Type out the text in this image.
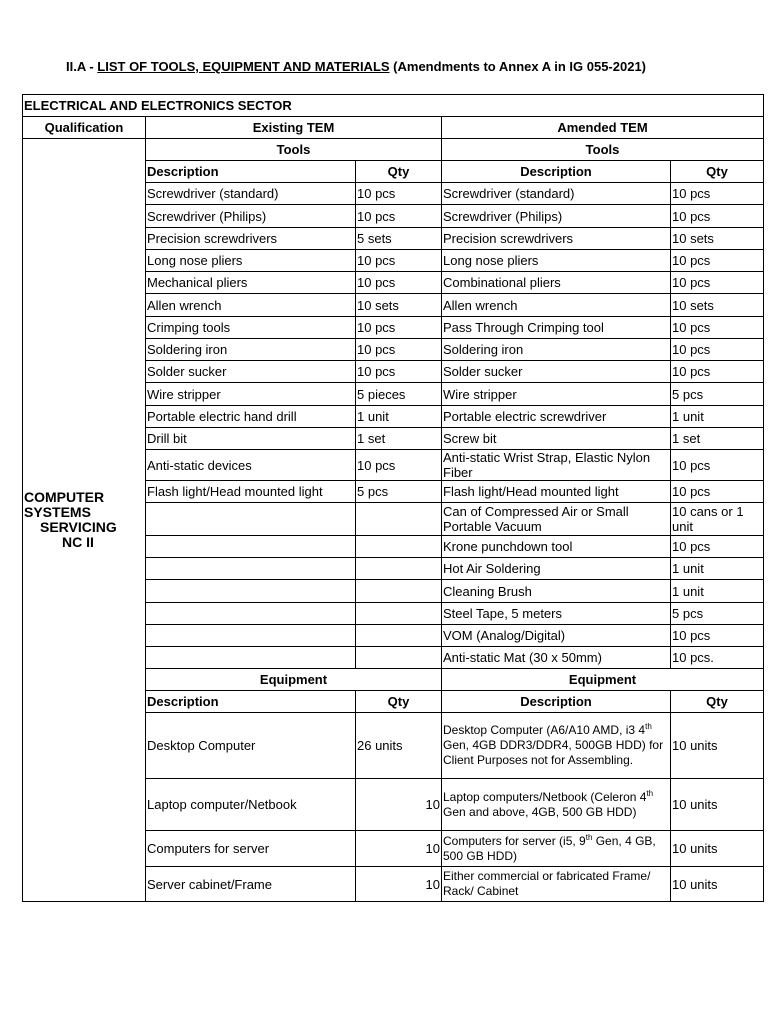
II.A - LIST OF TOOLS, EQUIPMENT AND MATERIALS (Amendments to Annex A in IG 055-2021)
ELECTRICAL AND ELECTRONICS SECTOR				
Qualification	Existing TEM		Amended TEM	

COMPUTER
SYSTEMS
SERVICING
NC II	Tools		Tools	
	Description	Qty	Description	Qty
	Screwdriver (standard)	10 pcs	Screwdriver (standard)	10 pcs
	Screwdriver (Philips)	10 pcs	Screwdriver (Philips)	10 pcs
	Precision screwdrivers	5 sets	Precision screwdrivers	10 sets
	Long nose pliers	10 pcs	Long nose pliers	10 pcs
	Mechanical pliers	10 pcs	Combinational pliers	10 pcs
	Allen wrench	10 sets	Allen wrench	10 sets
	Crimping tools	10 pcs	Pass Through Crimping tool	10 pcs
	Soldering iron	10 pcs	Soldering iron	10 pcs
	Solder sucker	10 pcs	Solder sucker	10 pcs
	Wire stripper	5 pieces	Wire stripper	5 pcs
	Portable electric hand drill	1 unit	Portable electric screwdriver	1 unit
	Drill bit	1 set	Screw bit	1 set
	Anti-static devices	10 pcs	Anti-static Wrist Strap, Elastic Nylon Fiber	10 pcs
	Flash light/Head mounted light	5 pcs	Flash light/Head mounted light	10 pcs
			Can of Compressed Air or Small Portable Vacuum	10 cans or 1 unit
			Krone punchdown tool	10 pcs
			Hot Air Soldering	1 unit
			Cleaning Brush	1 unit
			Steel Tape, 5 meters	5 pcs
			VOM (Analog/Digital)	10 pcs
			Anti-static Mat (30 x 50mm)	10 pcs.
	Equipment		Equipment	
	Description	Qty	Description	Qty
	Desktop Computer	26 units	Desktop Computer (A6/A10 AMD, i3 4th Gen, 4GB DDR3/DDR4, 500GB HDD) for Client Purposes not for Assembling.	10 units
	Laptop computer/Netbook	10	Laptop computers/Netbook (Celeron 4th Gen and above, 4GB, 500 GB HDD)	10 units
	Computers for server	10	Computers for server (i5, 9th Gen, 4 GB, 500 GB HDD)	10 units
	Server cabinet/Frame	10	Either commercial or fabricated Frame/ Rack/ Cabinet	10 units
